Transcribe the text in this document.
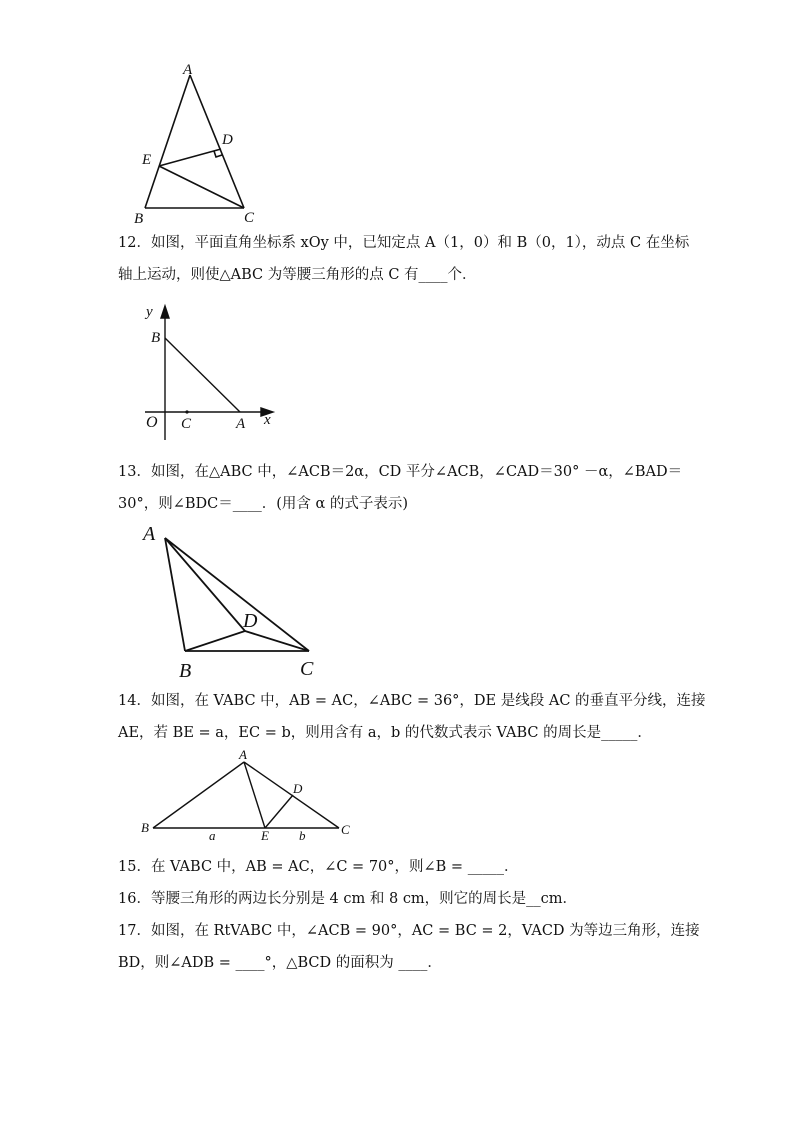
A
D
E
B	C
12．如图，平面直角坐标系 xOy 中，已知定点 A（1，0）和 B（0，1），动点 C 在坐标
轴上运动，则使△ABC 为等腰三角形的点 C 有____个．
y
B
O C	A x
13．如图，在△ABC 中，∠ACB＝2α，CD 平分∠ACB，∠CAD＝30° －α，∠BAD＝
30°，则∠BDC＝____．(用含 α 的式子表示)
A
D
B	C
14．如图，在 VABC 中，AB = AC，∠ABC = 36°，DE 是线段 AC 的垂直平分线，连接
AE，若 BE = a，EC = b，则用含有 a，b 的代数式表示 VABC 的周长是_____．
A
D
B
a	E b	C
15．在 VABC 中，AB = AC，∠C = 70°，则∠B = _____．
16．等腰三角形的两边长分别是 4 cm 和 8 cm，则它的周长是__cm．
17．如图，在 RtVABC 中，∠ACB = 90°，AC = BC = 2，VACD 为等边三角形，连接
BD，则∠ADB = ____°，△BCD 的面积为 ____．
